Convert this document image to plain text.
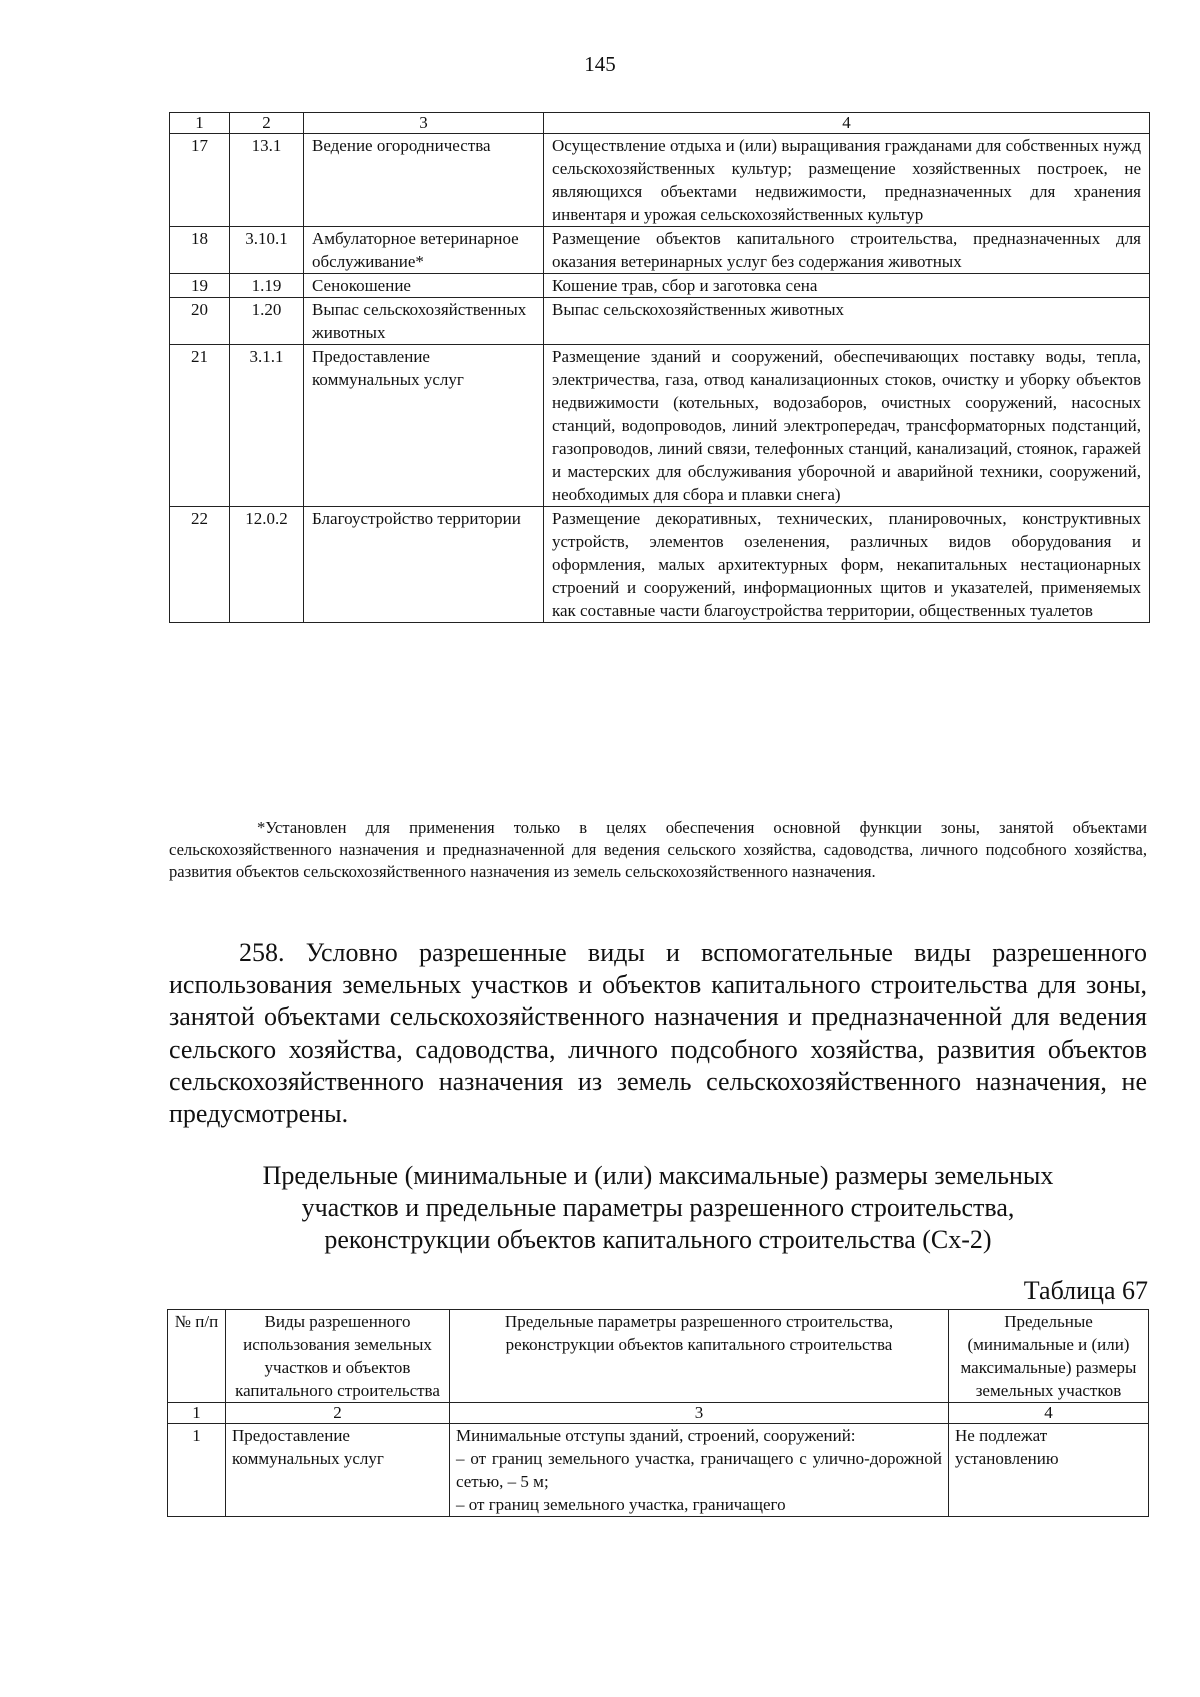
145
1	2	3	4
17	13.1	Ведение огородничества	Осуществление отдыха и (или) выращивания гражданами для собственных нужд сельскохозяйственных культур; размещение хозяйственных построек, не являющихся объектами недвижимости, предназначенных для хранения инвентаря и урожая сельскохозяйственных культур
18	3.10.1	Амбулаторное ветеринарное обслуживание*	Размещение объектов капитального строительства, предназначенных для оказания ветеринарных услуг без содержания животных
19	1.19	Сенокошение	Кошение трав, сбор и заготовка сена
20	1.20	Выпас сельскохозяйственных животных	Выпас сельскохозяйственных животных
21	3.1.1	Предоставление коммунальных услуг	Размещение зданий и сооружений, обеспечивающих поставку воды, тепла, электричества, газа, отвод канализационных стоков, очистку и уборку объектов недвижимости (котельных, водозаборов, очистных сооружений, насосных станций, водопроводов, линий электропередач, трансформаторных подстанций, газопроводов, линий связи, телефонных станций, канализаций, стоянок, гаражей и мастерских для обслуживания уборочной и аварийной техники, сооружений, необходимых для сбора и плавки снега)
22	12.0.2	Благоустройство территории	Размещение декоративных, технических, планировочных, конструктивных устройств, элементов озеленения, различных видов оборудования и оформления, малых архитектурных форм, некапитальных нестационарных строений и сооружений, информационных щитов и указателей, применяемых как составные части благоустройства территории, общественных туалетов
*Установлен для применения только в целях обеспечения основной функции зоны, занятой объектами сельскохозяйственного назначения и предназначенной для ведения сельского хозяйства, садоводства, личного подсобного хозяйства, развития объектов сельскохозяйственного назначения из земель сельскохозяйственного назначения.
258. Условно разрешенные виды и вспомогательные виды разрешенного использования земельных участков и объектов капитального строительства для зоны, занятой объектами сельскохозяйственного назначения и предназначенной для ведения сельского хозяйства, садоводства, личного подсобного хозяйства, развития объектов сельскохозяйственного назначения из земель сельскохозяйственного назначения, не предусмотрены.
Предельные (минимальные и (или) максимальные) размеры земельных
участков и предельные параметры разрешенного строительства,
реконструкции объектов капитального строительства (Сх-2)
Таблица 67
№ п/п	Виды разрешенного использования земельных участков и объектов капитального строительства	Предельные параметры разрешенного строительства, реконструкции объектов капитального строительства	Предельные (минимальные и (или) максимальные) размеры земельных участков
1	2	3	4
1	Предоставление коммунальных услуг	Минимальные отступы зданий, строений, сооружений:
– от границ земельного участка, граничащего с улично-дорожной сетью, – 5 м;
– от границ земельного участка, граничащего	Не подлежат установлению
